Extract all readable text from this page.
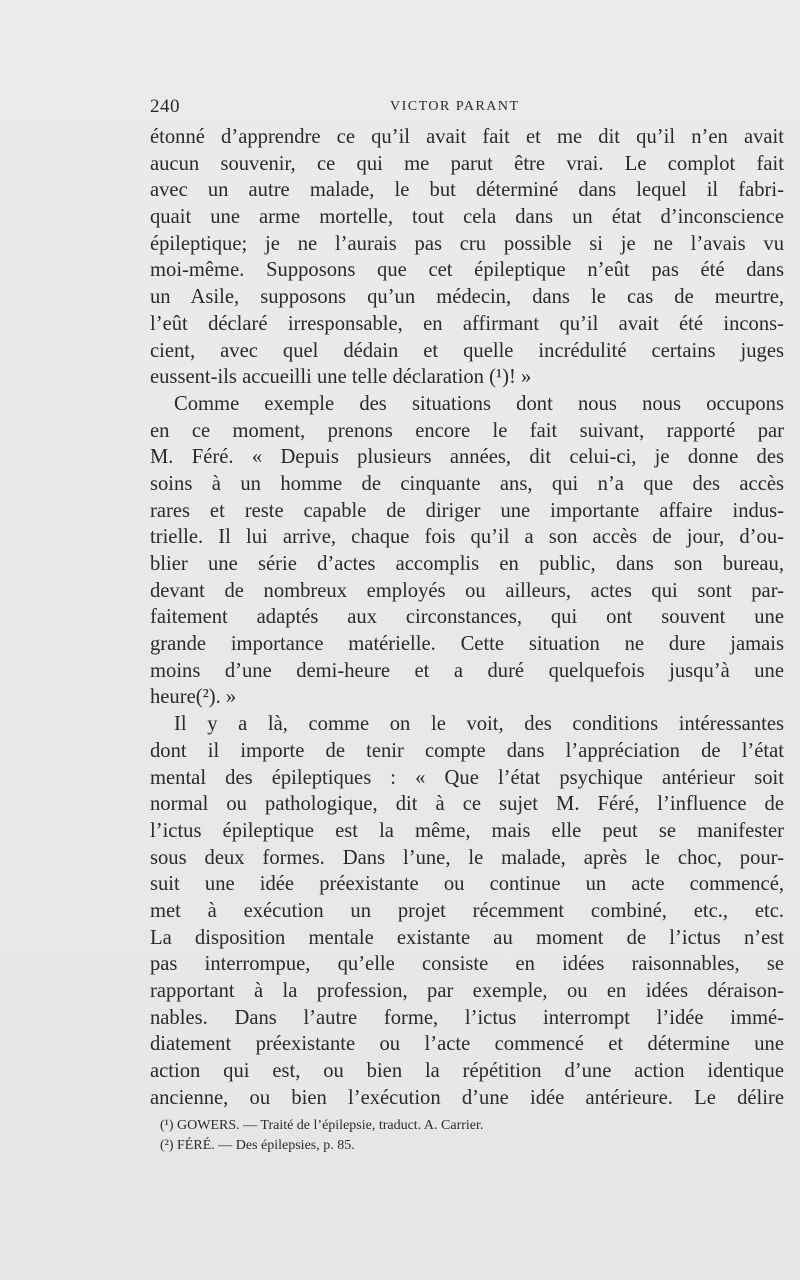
240	VICTOR PARANT
étonné d’apprendre ce qu’il avait fait et me dit qu’il n’en avait
aucun souvenir, ce qui me parut être vrai. Le complot fait
avec un autre malade, le but déterminé dans lequel il fabri-
quait une arme mortelle, tout cela dans un état d’inconscience
épileptique; je ne l’aurais pas cru possible si je ne l’avais vu
moi-même. Supposons que cet épileptique n’eût pas été dans
un Asile, supposons qu’un médecin, dans le cas de meurtre,
l’eût déclaré irresponsable, en affirmant qu’il avait été incons-
cient, avec quel dédain et quelle incrédulité certains juges
eussent-ils accueilli une telle déclaration (¹)! »
Comme exemple des situations dont nous nous occupons
en ce moment, prenons encore le fait suivant, rapporté par
M. Féré. « Depuis plusieurs années, dit celui-ci, je donne des
soins à un homme de cinquante ans, qui n’a que des accès
rares et reste capable de diriger une importante affaire indus-
trielle. Il lui arrive, chaque fois qu’il a son accès de jour, d’ou-
blier une série d’actes accomplis en public, dans son bureau,
devant de nombreux employés ou ailleurs, actes qui sont par-
faitement adaptés aux circonstances, qui ont souvent une
grande importance matérielle. Cette situation ne dure jamais
moins d’une demi-heure et a duré quelquefois jusqu’à une
heure(²). »
Il y a là, comme on le voit, des conditions intéressantes
dont il importe de tenir compte dans l’appréciation de l’état
mental des épileptiques : « Que l’état psychique antérieur soit
normal ou pathologique, dit à ce sujet M. Féré, l’influence de
l’ictus épileptique est la même, mais elle peut se manifester
sous deux formes. Dans l’une, le malade, après le choc, pour-
suit une idée préexistante ou continue un acte commencé,
met à exécution un projet récemment combiné, etc., etc.
La disposition mentale existante au moment de l’ictus n’est
pas interrompue, qu’elle consiste en idées raisonnables, se
rapportant à la profession, par exemple, ou en idées déraison-
nables. Dans l’autre forme, l’ictus interrompt l’idée immé-
diatement préexistante ou l’acte commencé et détermine une
action qui est, ou bien la répétition d’une action identique
ancienne, ou bien l’exécution d’une idée antérieure. Le délire
(¹) GOWERS. — Traité de l’épilepsie, traduct. A. Carrier.
(²) FÉRÉ. — Des épilepsies, p. 85.
